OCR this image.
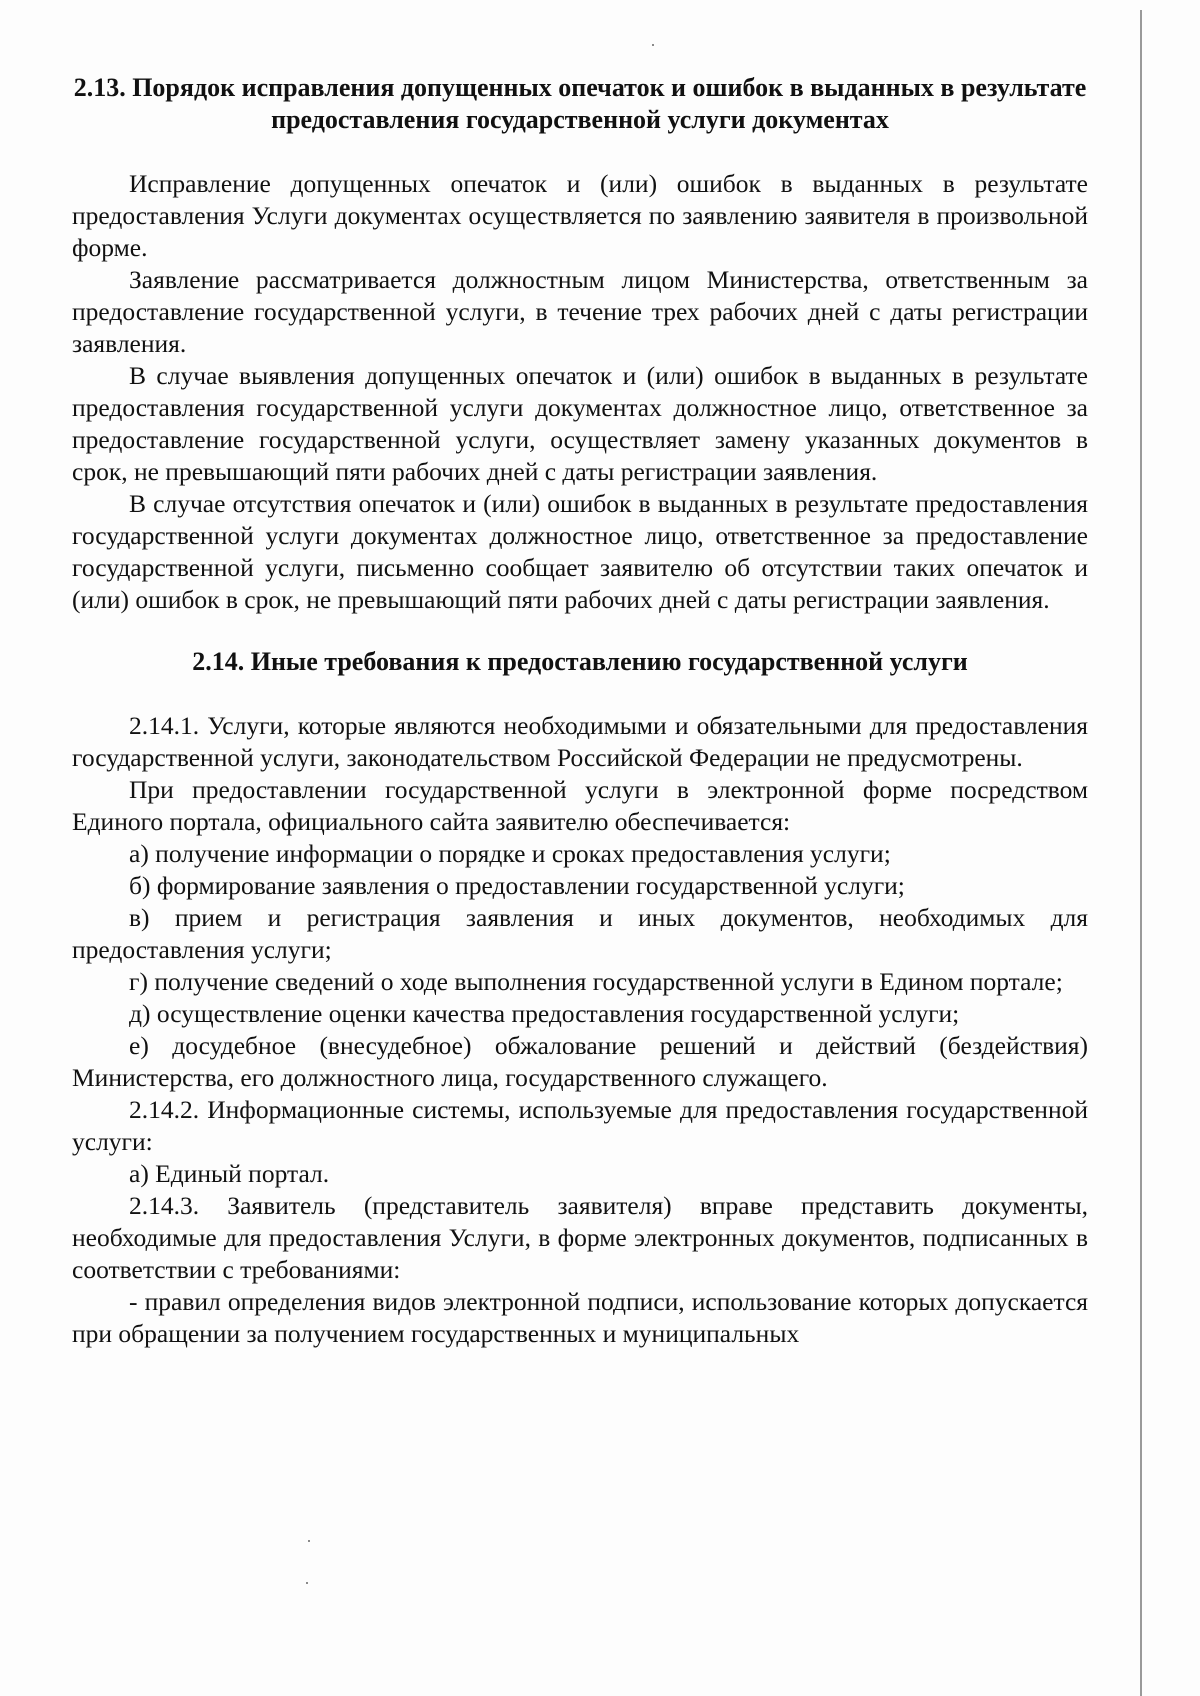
2.13. Порядок исправления допущенных опечаток и ошибок в выданных в результате предоставления государственной услуги документах

Исправление допущенных опечаток и (или) ошибок в выданных в результате предоставления Услуги документах осуществляется по заявлению заявителя в произвольной форме.

Заявление рассматривается должностным лицом Министерства, ответственным за предоставление государственной услуги, в течение трех рабочих дней с даты регистрации заявления.

В случае выявления допущенных опечаток и (или) ошибок в выданных в результате предоставления государственной услуги документах должностное лицо, ответственное за предоставление государственной услуги, осуществляет замену указанных документов в срок, не превышающий пяти рабочих дней с даты регистрации заявления.

В случае отсутствия опечаток и (или) ошибок в выданных в результате предоставления государственной услуги документах должностное лицо, ответственное за предоставление государственной услуги, письменно сообщает заявителю об отсутствии таких опечаток и (или) ошибок в срок, не превышающий пяти рабочих дней с даты регистрации заявления.

2.14. Иные требования к предоставлению государственной услуги

2.14.1. Услуги, которые являются необходимыми и обязательными для предоставления государственной услуги, законодательством Российской Федерации не предусмотрены.

При предоставлении государственной услуги в электронной форме посредством Единого портала, официального сайта заявителю обеспечивается:

а) получение информации о порядке и сроках предоставления услуги;

б) формирование заявления о предоставлении государственной услуги;

в) прием и регистрация заявления и иных документов, необходимых для предоставления услуги;

г) получение сведений о ходе выполнения государственной услуги в Едином портале;

д) осуществление оценки качества предоставления государственной услуги;

е) досудебное (внесудебное) обжалование решений и действий (бездействия) Министерства, его должностного лица, государственного служащего.

2.14.2. Информационные системы, используемые для предоставления государственной услуги:

а) Единый портал.

2.14.3. Заявитель (представитель заявителя) вправе представить документы, необходимые для предоставления Услуги, в форме электронных документов, подписанных в соответствии с требованиями:

- правил определения видов электронной подписи, использование которых допускается при обращении за получением государственных и муниципальных
